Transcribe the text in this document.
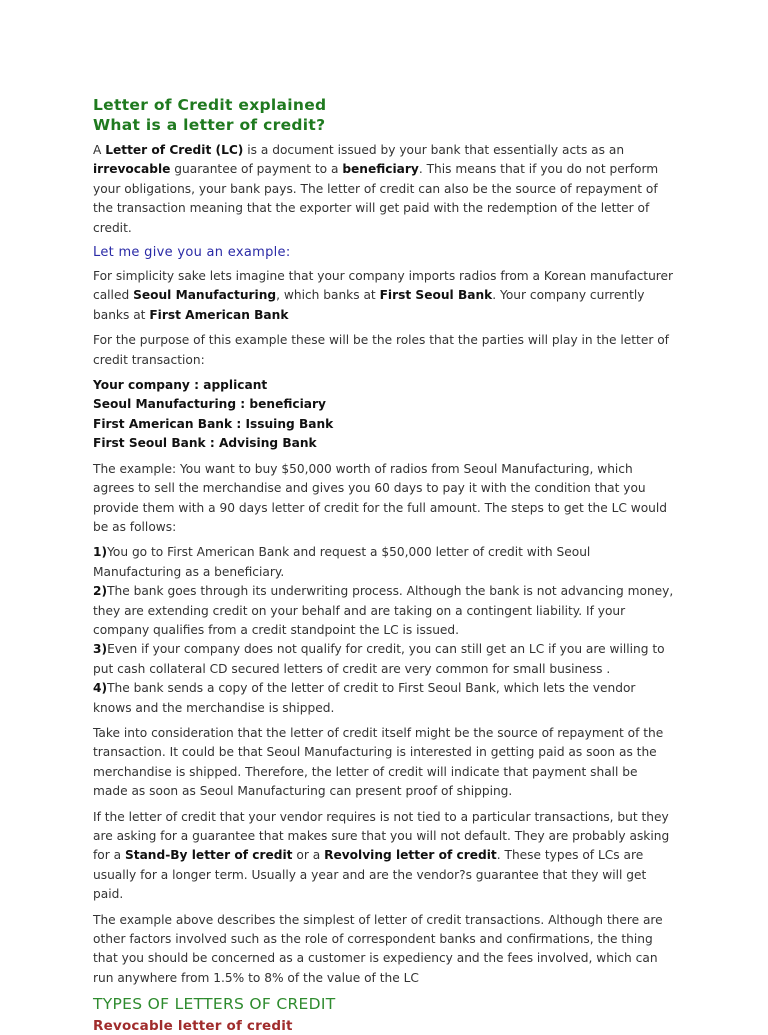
Letter of Credit explained
What is a letter of credit?

A Letter of Credit (LC) is a document issued by your bank that essentially acts as an irrevocable guarantee of payment to a beneficiary. This means that if you do not perform your obligations, your bank pays. The letter of credit can also be the source of repayment of the transaction meaning that the exporter will get paid with the redemption of the letter of credit.

Let me give you an example:

For simplicity sake lets imagine that your company imports radios from a Korean manufacturer called Seoul Manufacturing, which banks at First Seoul Bank. Your company currently banks at First American Bank

For the purpose of this example these will be the roles that the parties will play in the letter of credit transaction:

Your company : applicant
Seoul Manufacturing : beneficiary
First American Bank : Issuing Bank
First Seoul Bank : Advising Bank

The example: You want to buy $50,000 worth of radios from Seoul Manufacturing, which agrees to sell the merchandise and gives you 60 days to pay it with the condition that you provide them with a 90 days letter of credit for the full amount. The steps to get the LC would be as follows:

1)You go to First American Bank and request a $50,000 letter of credit with Seoul Manufacturing as a beneficiary.

2)The bank goes through its underwriting process. Although the bank is not advancing money, they are extending credit on your behalf and are taking on a contingent liability. If your company qualifies from a credit standpoint the LC is issued.

3)Even if your company does not qualify for credit, you can still get an LC if you are willing to put cash collateral CD secured letters of credit are very common for small business .

4)The bank sends a copy of the letter of credit to First Seoul Bank, which lets the vendor knows and the merchandise is shipped.

Take into consideration that the letter of credit itself might be the source of repayment of the transaction. It could be that Seoul Manufacturing is interested in getting paid as soon as the merchandise is shipped. Therefore, the letter of credit will indicate that payment shall be made as soon as Seoul Manufacturing can present proof of shipping.

If the letter of credit that your vendor requires is not tied to a particular transactions, but they are asking for a guarantee that makes sure that you will not default. They are probably asking for a Stand-By letter of credit or a Revolving letter of credit. These types of LCs are usually for a longer term. Usually a year and are the vendor?s guarantee that they will get paid.

The example above describes the simplest of letter of credit transactions. Although there are other factors involved such as the role of correspondent banks and confirmations, the thing that you should be concerned as a customer is expediency and the fees involved, which can run anywhere from 1.5% to 8% of the value of the LC

TYPES OF LETTERS OF CREDIT
Revocable letter of credit
